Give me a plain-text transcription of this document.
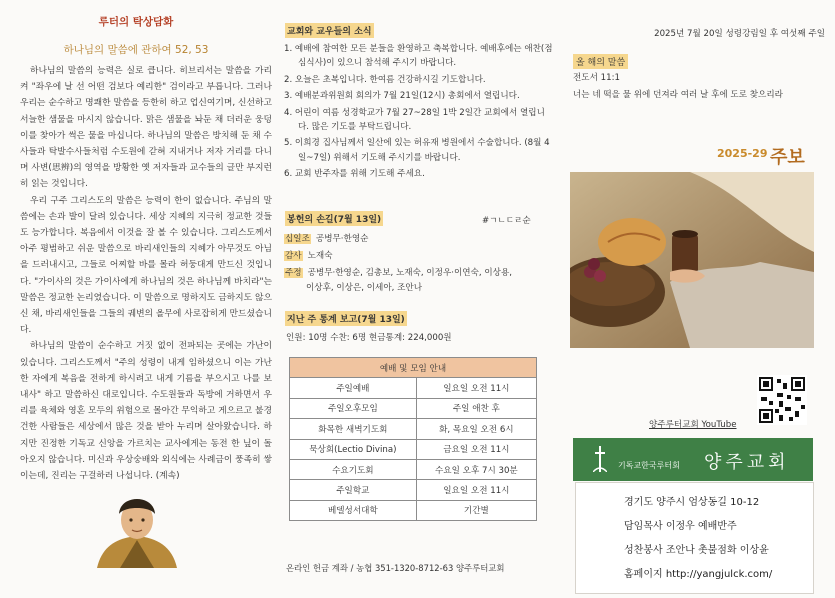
루터의 탁상담화
하나님의 말씀에 관하여 52, 53

하나님의 말씀의 능력은 실로 큽니다. 히브리서는 말씀을 가리켜 "좌우에 날 선 어떤 검보다 예리한" 검이라고 부릅니다. 그러나 우리는 순수하고 명쾌한 말씀을 등한히 하고 업신여기며, 신선하고 서늘한 샘물을 마시지 않습니다. 맑은 샘물을 놔둔 채 더러운 웅덩이를 찾아가 썩은 물을 마십니다. 하나님의 말씀은 방치해 둔 채 수사들과 탁발수사들처럼 수도원에 갇혀 지내거나 저자 거리를 다니며 사변(思辨)의 영역을 방황한 옛 저자들과 교수들의 글만 부지런히 읽는 것입니다.

우리 구주 그리스도의 말씀은 능력이 한이 없습니다. 주님의 말씀에는 손과 발이 달려 있습니다. 세상 지혜의 지극히 정교한 것들도 능가합니다. 복음에서 이것을 잘 볼 수 있습니다. 그리스도께서 아주 평범하고 쉬운 말씀으로 바리새인들의 지혜가 아무것도 아님을 드러내시고, 그들로 어찌할 바를 몰라 허둥대게 만드신 것입니다. "가이사의 것은 가이사에게 하나님의 것은 하나님께 바치라"는 말씀은 정교한 논리였습니다. 이 말씀으로 명하지도 금하지도 않으신 채, 바리새인들을 그들의 궤변의 올무에 사로잡히게 만드셨습니다.

하나님의 말씀이 순수하고 거짓 없이 전파되는 곳에는 가난이 있습니다. 그리스도께서 "주의 성령이 내게 임하셨으니 이는 가난한 자에게 복음을 전하게 하시려고 내게 기름을 부으시고 나를 보내사" 하고 말씀하신 대로입니다. 수도원들과 독방에 거하면서 우리를 육체와 영혼 모두의 위험으로 몰아간 무익하고 게으르고 불경건한 사람들은 세상에서 많은 것을 받아 누리며 살아왔습니다. 하지만 진정한 기독교 신앙을 가르치는 교사에게는 동전 한 닢이 돌아오지 않습니다. 미신과 우상숭배와 외식에는 사례금이 풍족히 쌓이는데, 진리는 구걸하러 나섭니다. (계속)

교회와 교우들의 소식
1. 예배에 참여한 모든 분들을 환영하고 축복합니다. 예배후에는 애찬(점심식사)이 있으니 참석해 주시기 바랍니다.
2. 오늘은 초복입니다. 한여름 건강하시길 기도합니다.
3. 예배분과위원회 회의가 7월 21일(12시) 총회에서 열립니다.
4. 어린이 여름 성경학교가 7월 27~28일 1박 2일간 교회에서 열립니다. 많은 기도를 부탁드립니다.
5. 이희경 집사님께서 일산에 있는 허유재 병원에서 수술합니다. (8월 4일~7일) 위해서 기도해 주시기를 바랍니다.
6. 교회 반주자를 위해 기도해 주세요.
봉헌의 손길(7월 13일)	#ㄱㄴㄷㄹ순
십일조 공병무·한영순
감사 노재숙
주정 공병무·한영순, 김총보, 노재숙, 이정우·이연숙, 이상용,
이상후, 이상은, 이세아, 조안나
지난 주 통계 보고(7월 13일)
인원: 10명 수찬: 6명 현금통계: 224,000원
예배 및 모임 안내	
주일예배	일요일 오전 11시
주일오후모임	주일 애찬 후
화목한 새벽기도회	화, 목요일 오전 6시
묵상회(Lectio Divina)	금요일 오전 11시
수요기도회	수요일 오후 7시 30분
주일학교	일요일 오전 11시
베델성서대학	기간별
온라인 헌금 계좌 / 농협 351-1320-8712-63 양주루터교회
2025년 7월 20일 성령강림일 후 여섯째 주일
올 해의 말씀
전도서 11:1
너는 네 떡을 물 위에 던져라 여러 날 후에 도로 찾으리라
2025-29 주보
양주루터교회 YouTube
기독교한국루터회 양주교회
경기도 양주시 엄상동길 10-12
담임목사 이정우 예배반주
성찬봉사 조안나 촛불점화 이상윤
홈페이지 http://yangjulck.com/
